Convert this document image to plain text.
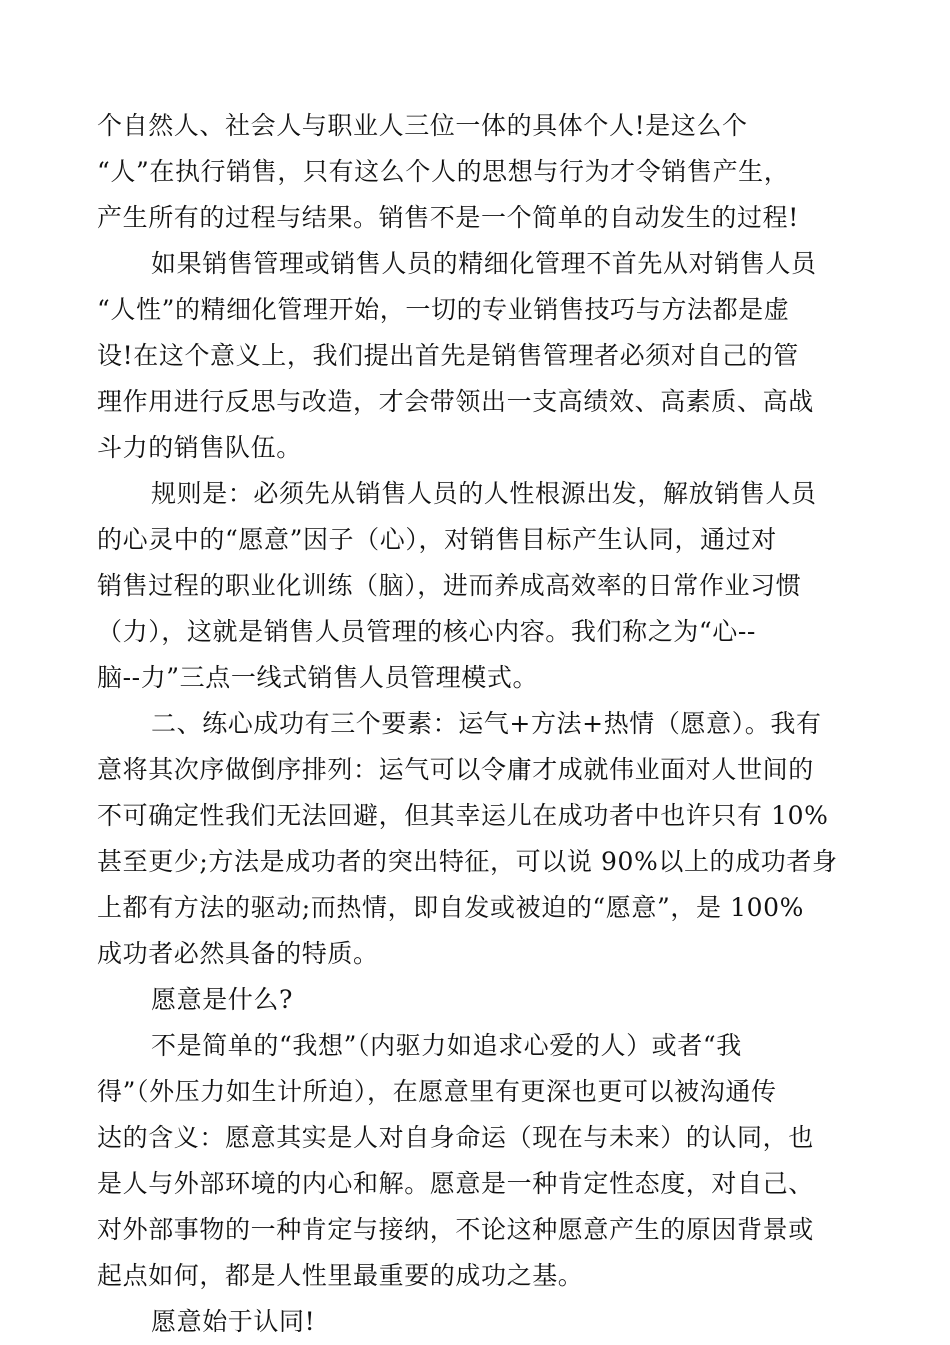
个自然人、社会人与职业人三位一体的具体个人!是这么个
“人”在执行销售，只有这么个人的思想与行为才令销售产生，
产生所有的过程与结果。销售不是一个简单的自动发生的过程!
如果销售管理或销售人员的精细化管理不首先从对销售人员
“人性”的精细化管理开始，一切的专业销售技巧与方法都是虚
设!在这个意义上，我们提出首先是销售管理者必须对自己的管
理作用进行反思与改造，才会带领出一支高绩效、高素质、高战
斗力的销售队伍。
规则是：必须先从销售人员的人性根源出发，解放销售人员
的心灵中的“愿意”因子（心），对销售目标产生认同，通过对
销售过程的职业化训练（脑），进而养成高效率的日常作业习惯
（力），这就是销售人员管理的核心内容。我们称之为“心--
脑--力”三点一线式销售人员管理模式。
二、练心成功有三个要素：运气+方法+热情（愿意）。我有
意将其次序做倒序排列：运气可以令庸才成就伟业面对人世间的
不可确定性我们无法回避，但其幸运儿在成功者中也许只有 10%
甚至更少;方法是成功者的突出特征，可以说 90%以上的成功者身
上都有方法的驱动;而热情，即自发或被迫的“愿意”，是 100%
成功者必然具备的特质。
愿意是什么?
不是简单的“我想”（内驱力如追求心爱的人）或者“我
得”（外压力如生计所迫），在愿意里有更深也更可以被沟通传
达的含义：愿意其实是人对自身命运（现在与未来）的认同，也
是人与外部环境的内心和解。愿意是一种肯定性态度，对自己、
对外部事物的一种肯定与接纳，不论这种愿意产生的原因背景或
起点如何，都是人性里最重要的成功之基。
愿意始于认同!
